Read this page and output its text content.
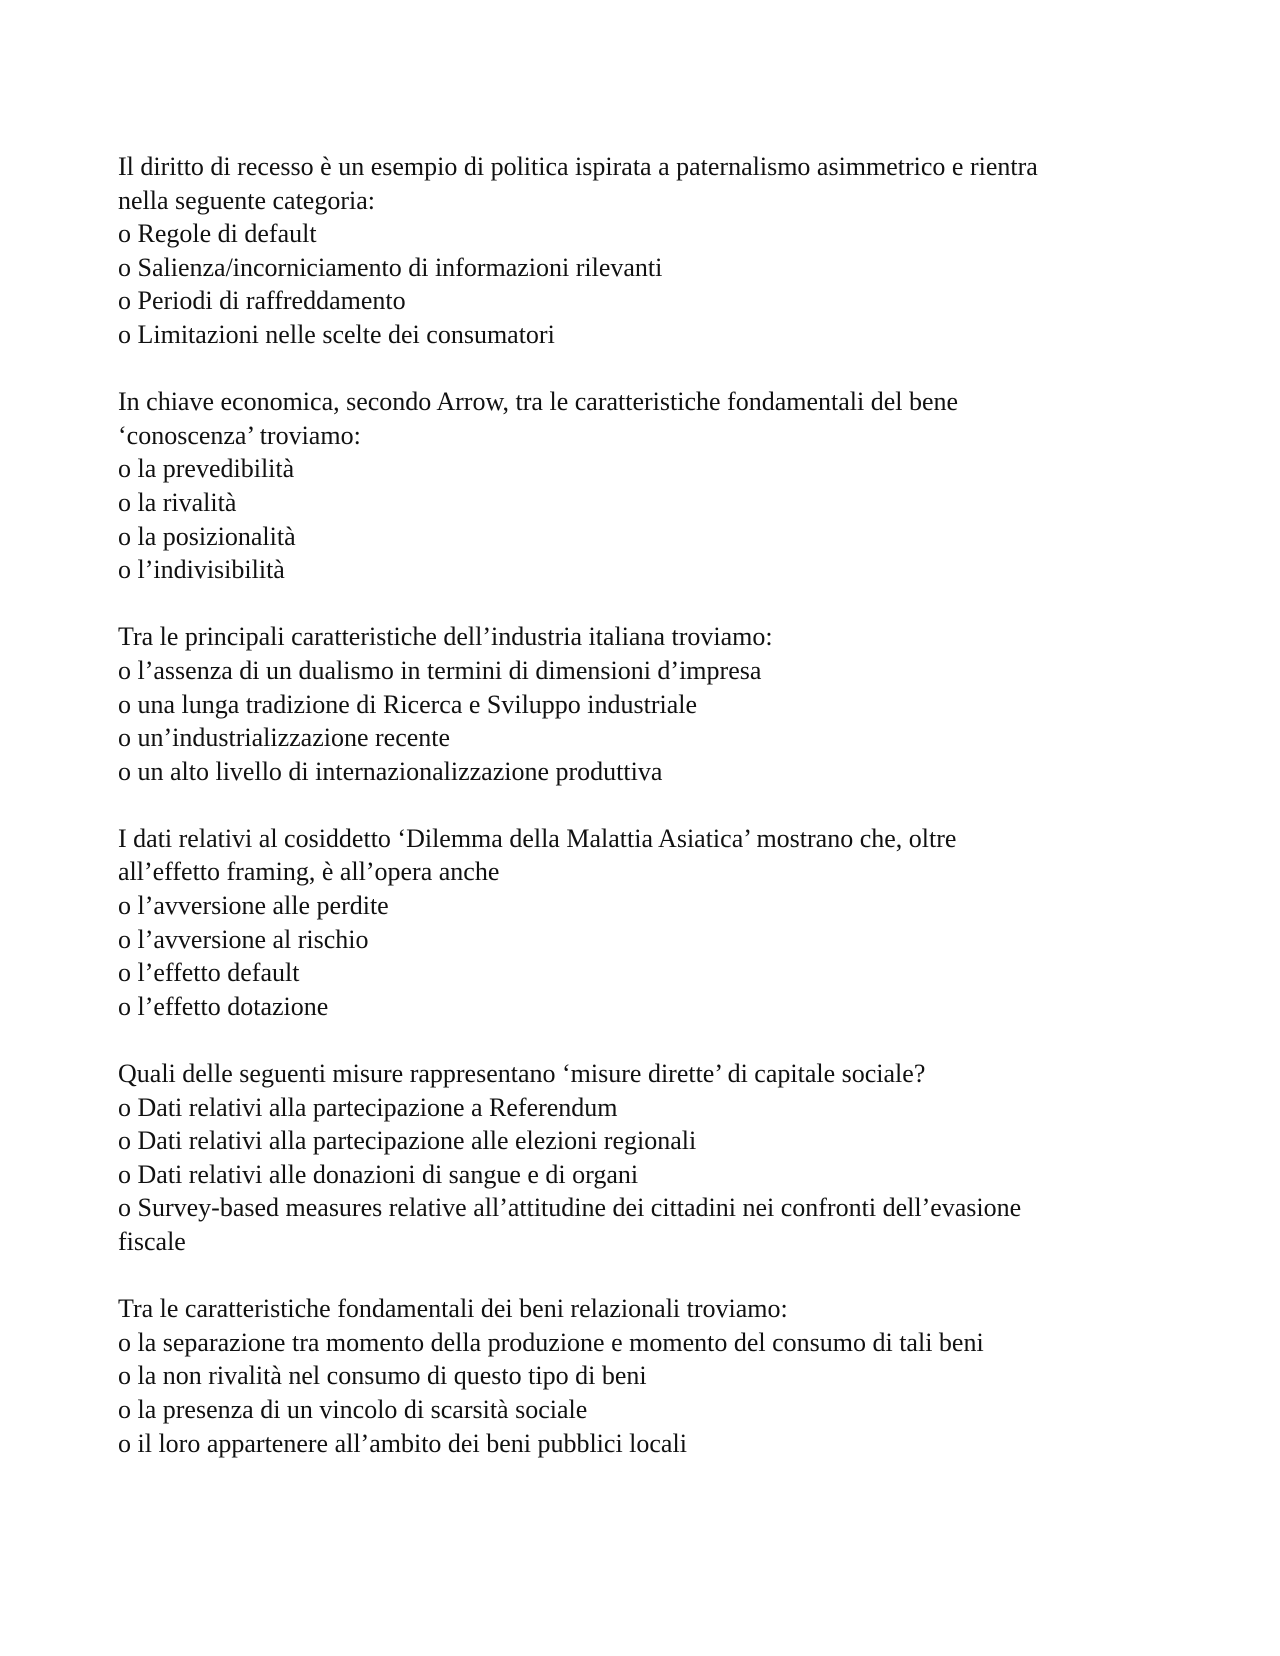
Il diritto di recesso è un esempio di politica ispirata a paternalismo asimmetrico e rientra
nella seguente categoria:
o Regole di default
o Salienza/incorniciamento di informazioni rilevanti
o Periodi di raffreddamento
o Limitazioni nelle scelte dei consumatori
In chiave economica, secondo Arrow, tra le caratteristiche fondamentali del bene
‘conoscenza’ troviamo:
o la prevedibilità
o la rivalità
o la posizionalità
o l’indivisibilità
Tra le principali caratteristiche dell’industria italiana troviamo:
o l’assenza di un dualismo in termini di dimensioni d’impresa
o una lunga tradizione di Ricerca e Sviluppo industriale
o un’industrializzazione recente
o un alto livello di internazionalizzazione produttiva
I dati relativi al cosiddetto ‘Dilemma della Malattia Asiatica’ mostrano che, oltre
all’effetto framing, è all’opera anche
o l’avversione alle perdite
o l’avversione al rischio
o l’effetto default
o l’effetto dotazione
Quali delle seguenti misure rappresentano ‘misure dirette’ di capitale sociale?
o Dati relativi alla partecipazione a Referendum
o Dati relativi alla partecipazione alle elezioni regionali
o Dati relativi alle donazioni di sangue e di organi
o Survey-based measures relative all’attitudine dei cittadini nei confronti dell’evasione
fiscale
Tra le caratteristiche fondamentali dei beni relazionali troviamo:
o la separazione tra momento della produzione e momento del consumo di tali beni
o la non rivalità nel consumo di questo tipo di beni
o la presenza di un vincolo di scarsità sociale
o il loro appartenere all’ambito dei beni pubblici locali
